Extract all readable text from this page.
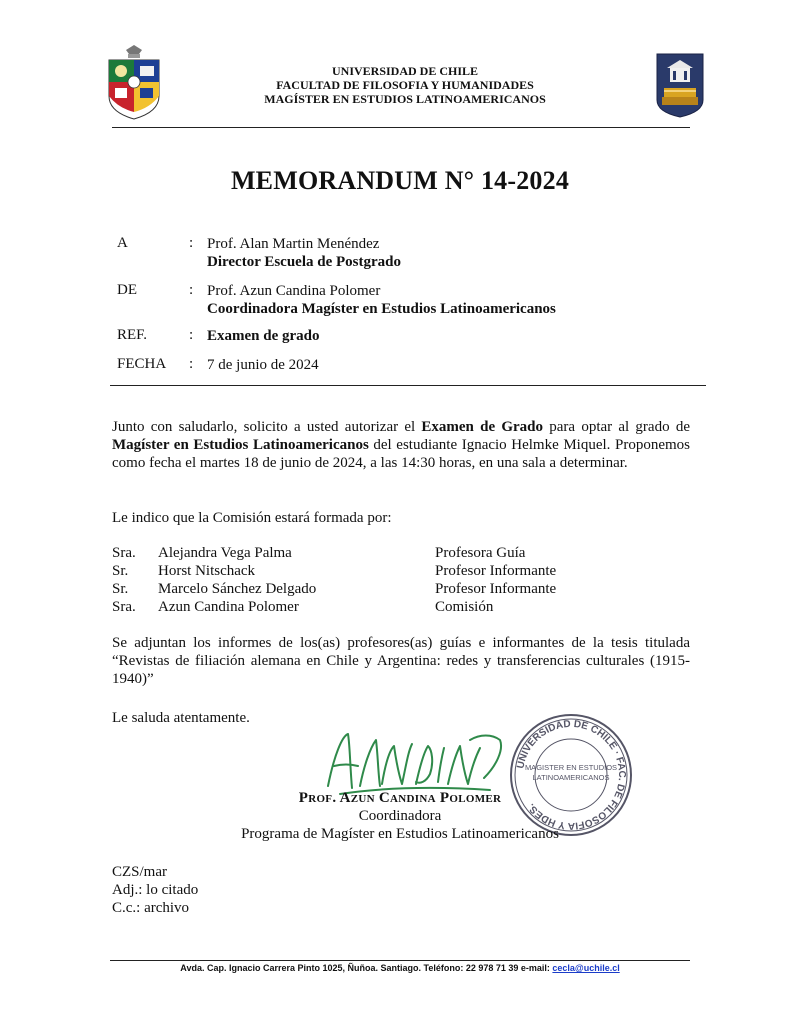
UNIVERSIDAD DE CHILE
FACULTAD DE FILOSOFIA Y HUMANIDADES
MAGÍSTER EN ESTUDIOS LATINOAMERICANOS
MEMORANDUM N° 14-2024
A	: Prof. Alan Martin Menéndez
Director Escuela de Postgrado
DE	: Prof. Azun Candina Polomer
Coordinadora Magíster en Estudios Latinoamericanos
REF.	: Examen de grado
FECHA : 7 de junio de 2024
Junto con saludarlo, solicito a usted autorizar el Examen de Grado para optar al grado de Magíster en Estudios Latinoamericanos del estudiante Ignacio Helmke Miquel. Proponemos como fecha el martes 18 de junio de 2024, a las 14:30 horas, en una sala a determinar.
Le indico que la Comisión estará formada por:
Sra.	Alejandra Vega Palma	Profesora Guía
Sr.	Horst Nitschack	Profesor Informante
Sr.	Marcelo Sánchez Delgado	Profesor Informante
Sra.	Azun Candina Polomer	Comisión
Se adjuntan los informes de los(as) profesores(as) guías e informantes de la tesis titulada “Revistas de filiación alemana en Chile y Argentina: redes y transferencias culturales (1915-1940)”
Le saluda atentamente.
UNIVERSIDAD DE CHILE · FAC. DE FILOSOFIA Y HDES.
MAGISTER EN ESTUDIOS
LATINOAMERICANOS
Prof. Azun Candina Polomer
Coordinadora
Programa de Magíster en Estudios Latinoamericanos
CZS/mar
Adj.: lo citado
C.c.: archivo
Avda. Cap. Ignacio Carrera Pinto 1025, Ñuñoa. Santiago. Teléfono: 22 978 71 39 e-mail: cecla@uchile.cl
